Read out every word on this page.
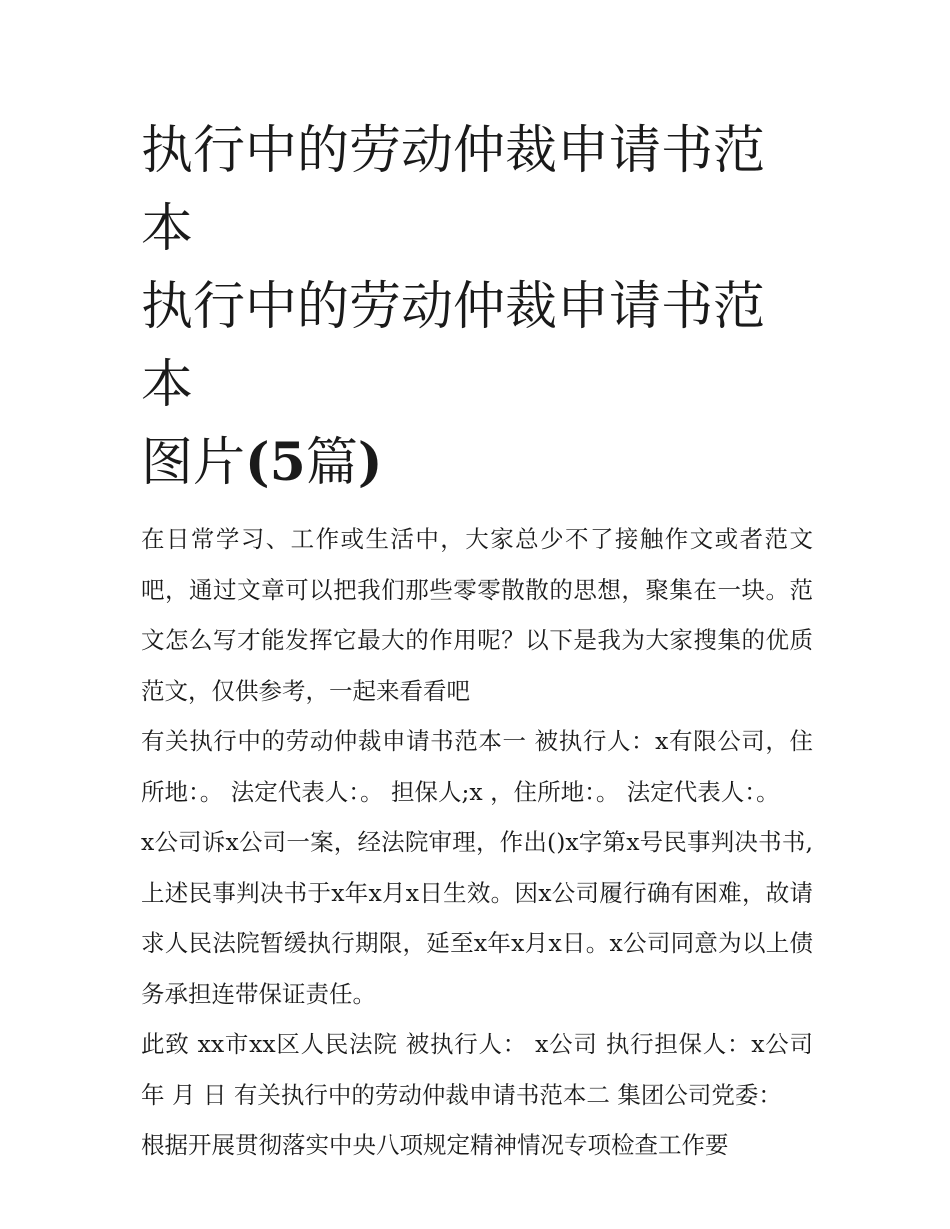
执行中的劳动仲裁申请书范本
执行中的劳动仲裁申请书范本
图片(5篇)

在日常学习、工作或生活中，大家总少不了接触作文或者范文吧，通过文章可以把我们那些零零散散的思想，聚集在一块。范文怎么写才能发挥它最大的作用呢？以下是我为大家搜集的优质范文，仅供参考，一起来看看吧

有关执行中的劳动仲裁申请书范本一 被执行人：x有限公司，住所地：。 法定代表人：。 担保人;x ，住所地：。 法定代表人：。

x公司诉x公司一案，经法院审理，作出()x字第x号民事判决书书,上述民事判决书于x年x月x日生效。因x公司履行确有困难，故请求人民法院暂缓执行期限，延至x年x月x日。x公司同意为以上债务承担连带保证责任。

此致 xx市xx区人民法院 被执行人： x公司 执行担保人：x公司 年 月 日 有关执行中的劳动仲裁申请书范本二 集团公司党委：

根据开展贯彻落实中央八项规定精神情况专项检查工作要
